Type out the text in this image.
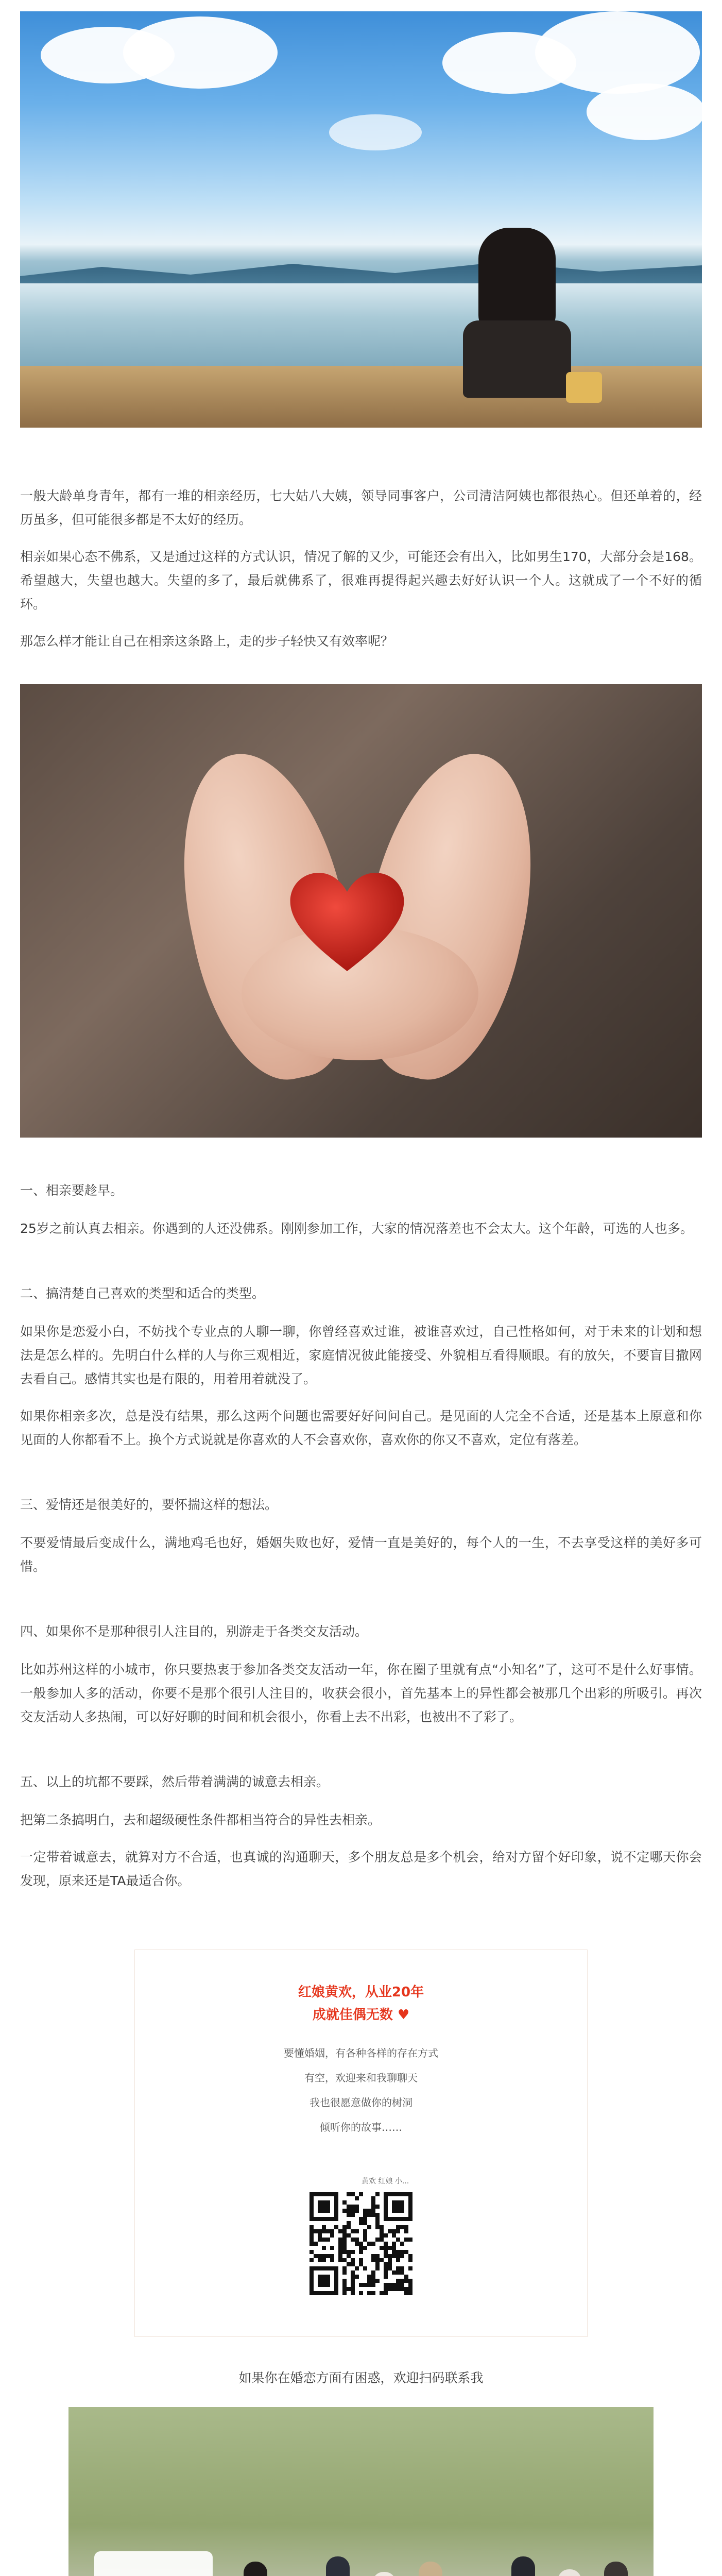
一般大龄单身青年，都有一堆的相亲经历，七大姑八大姨，领导同事客户，公司清洁阿姨也都很热心。但还单着的，经历虽多，但可能很多都是不太好的经历。

相亲如果心态不佛系，又是通过这样的方式认识，情况了解的又少，可能还会有出入，比如男生170，大部分会是168。希望越大，失望也越大。失望的多了，最后就佛系了，很难再提得起兴趣去好好认识一个人。这就成了一个不好的循环。

那怎么样才能让自己在相亲这条路上，走的步子轻快又有效率呢？

一、相亲要趁早。

25岁之前认真去相亲。你遇到的人还没佛系。刚刚参加工作，大家的情况落差也不会太大。这个年龄，可选的人也多。

二、搞清楚自己喜欢的类型和适合的类型。

如果你是恋爱小白，不妨找个专业点的人聊一聊，你曾经喜欢过谁，被谁喜欢过，自己性格如何，对于未来的计划和想法是怎么样的。先明白什么样的人与你三观相近，家庭情况彼此能接受、外貌相互看得顺眼。有的放矢，不要盲目撒网去看自己。感情其实也是有限的，用着用着就没了。

如果你相亲多次，总是没有结果，那么这两个问题也需要好好问问自己。是见面的人完全不合适，还是基本上原意和你见面的人你都看不上。换个方式说就是你喜欢的人不会喜欢你，喜欢你的你又不喜欢，定位有落差。

三、爱情还是很美好的，要怀揣这样的想法。

不要爱情最后变成什么，满地鸡毛也好，婚姻失败也好，爱情一直是美好的，每个人的一生，不去享受这样的美好多可惜。

四、如果你不是那种很引人注目的，别游走于各类交友活动。

比如苏州这样的小城市，你只要热衷于参加各类交友活动一年，你在圈子里就有点“小知名”了，这可不是什么好事情。一般参加人多的活动，你要不是那个很引人注目的，收获会很小，首先基本上的异性都会被那几个出彩的所吸引。再次交友活动人多热闹，可以好好聊的时间和机会很小，你看上去不出彩，也被出不了彩了。

五、以上的坑都不要踩，然后带着满满的诚意去相亲。

把第二条搞明白，去和超级硬性条件都相当符合的异性去相亲。

一定带着诚意去，就算对方不合适，也真诚的沟通聊天，多个朋友总是多个机会，给对方留个好印象，说不定哪天你会发现，原来还是TA最适合你。

红娘黄欢，从业20年
成就佳偶无数 ♥
要懂婚姻，有各种各样的存在方式
有空，欢迎来和我聊聊天
我也很愿意做你的树洞
倾听你的故事……
黄欢 红娘 小...

如果你在婚恋方面有困惑，欢迎扫码联系我
